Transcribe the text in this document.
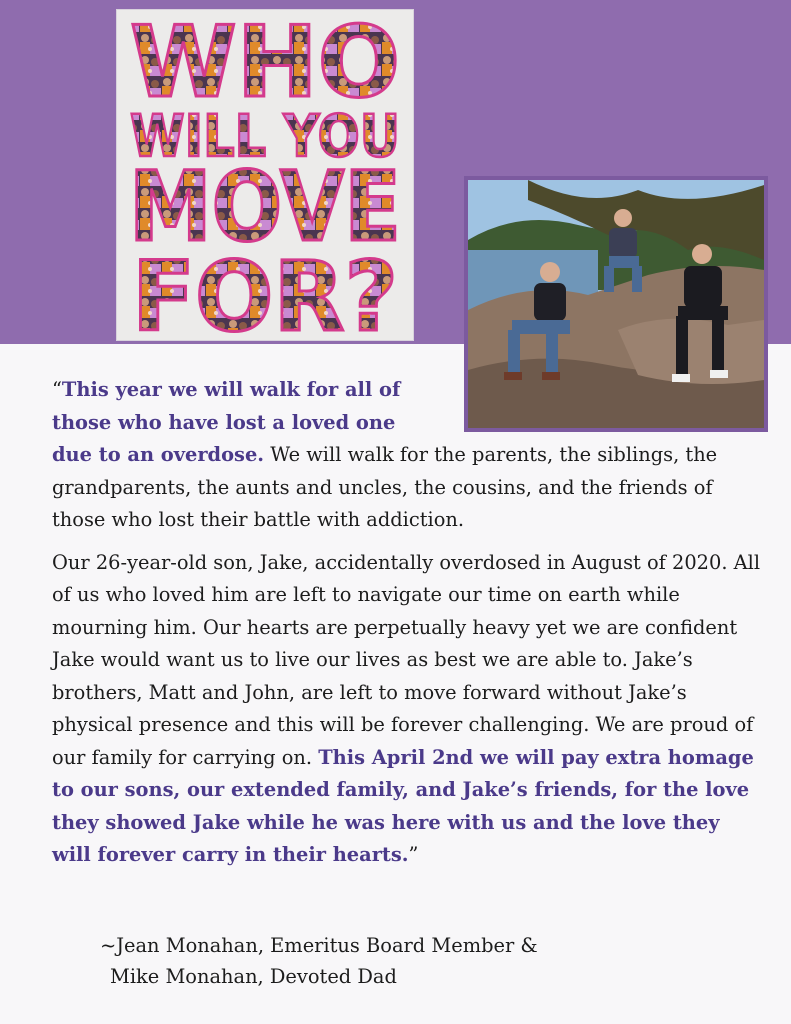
WHO
WILL YOU
MOVE
FOR?

“This year we will walk for all of those who have lost a loved one due to an overdose. We will walk for the parents, the siblings, the grandparents, the aunts and uncles, the cousins, and the friends of those who lost their battle with addiction.

Our 26-year-old son, Jake, accidentally overdosed in August of 2020. All of us who loved him are left to navigate our time on earth while mourning him. Our hearts are perpetually heavy yet we are confident Jake would want us to live our lives as best we are able to. Jake’s brothers, Matt and John, are left to move forward without Jake’s physical presence and this will be forever challenging. We are proud of our family for carrying on. This April 2nd we will pay extra homage to our sons, our extended family, and Jake’s friends, for the love they showed Jake while he was here with us and the love they will forever carry in their hearts.”

~Jean Monahan, Emeritus Board Member &
Mike Monahan, Devoted Dad
